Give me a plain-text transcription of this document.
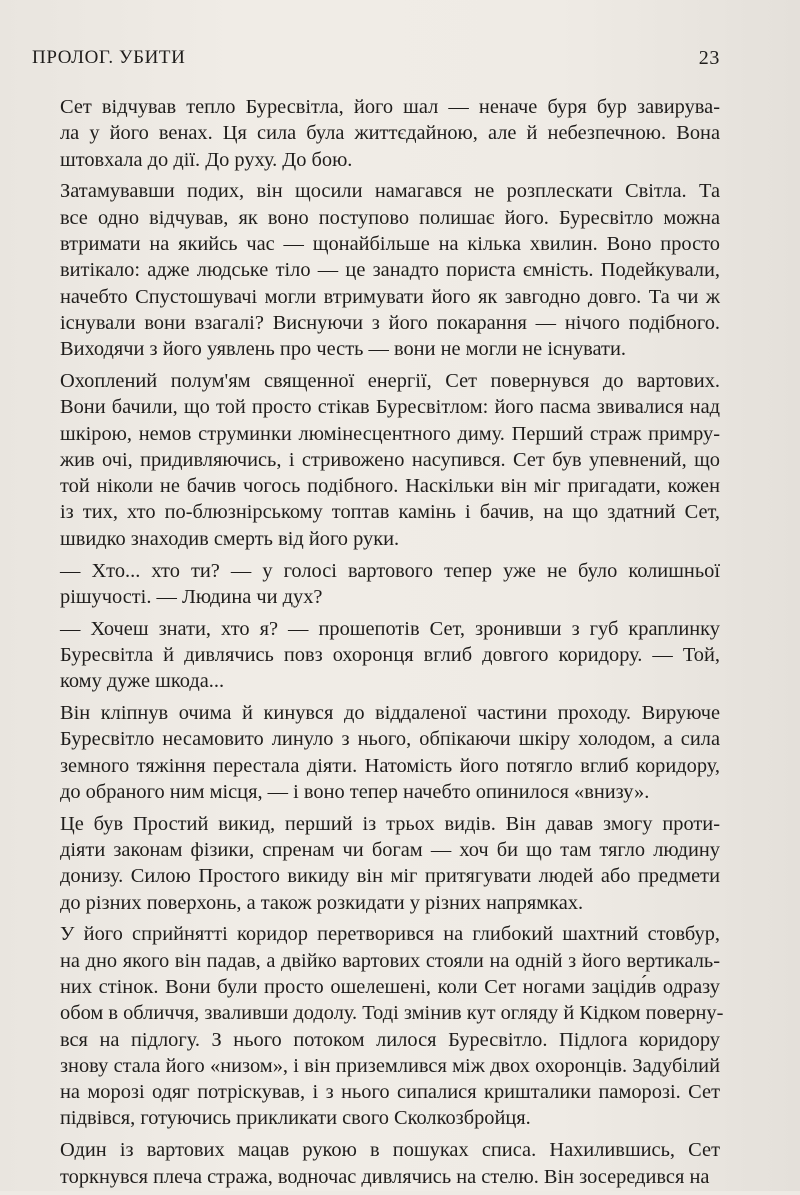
ПРОЛОГ. УБИТИ	23
Сет відчував тепло Буресвітла, його шал — неначе буря бур завирува-
ла у його венах. Ця сила була життєдайною, але й небезпечною. Вона
штовхала до дії. До руху. До бою.
Затамувавши подих, він щосили намагався не розплескати Світла. Та
все одно відчував, як воно поступово полишає його. Буресвітло можна
втримати на якийсь час — щонайбільше на кілька хвилин. Воно просто
витікало: адже людське тіло — це занадто пориста ємність. Подейкували,
начебто Спустошувачі могли втримувати його як завгодно довго. Та чи ж
існували вони взагалі? Виснуючи з його покарання — нічого подібного.
Виходячи з його уявлень про честь — вони не могли не існувати.
Охоплений полум'ям священної енергії, Сет повернувся до вартових.
Вони бачили, що той просто стікав Буресвітлом: його пасма звивалися над
шкірою, немов струминки люмінесцентного диму. Перший страж примру-
жив очі, придивляючись, і стривожено насупився. Сет був упевнений, що
той ніколи не бачив чогось подібного. Наскільки він міг пригадати, кожен
із тих, хто по-блюзнірському топтав камінь і бачив, на що здатний Сет,
швидко знаходив смерть від його руки.
— Хто... хто ти? — у голосі вартового тепер уже не було колишньої
рішучості. — Людина чи дух?
— Хочеш знати, хто я? — прошепотів Сет, зронивши з губ краплинку
Буресвітла й дивлячись повз охоронця вглиб довгого коридору. — Той,
кому дуже шкода...
Він кліпнув очима й кинувся до віддаленої частини проходу. Вируюче
Буресвітло несамовито линуло з нього, обпікаючи шкіру холодом, а сила
земного тяжіння перестала діяти. Натомість його потягло вглиб коридору,
до обраного ним місця, — і воно тепер начебто опинилося «внизу».
Це був Простий викид, перший із трьох видів. Він давав змогу проти-
діяти законам фізики, спренам чи богам — хоч би що там тягло людину
донизу. Силою Простого викиду він міг притягувати людей або предмети
до різних поверхонь, а також розкидати у різних напрямках.
У його сприйнятті коридор перетворився на глибокий шахтний стовбур,
на дно якого він падав, а двійко вартових стояли на одній з його вертикаль-
них стінок. Вони були просто ошелешені, коли Сет ногами заціди́в одразу
обом в обличчя, зваливши додолу. Тоді змінив кут огляду й Кідком поверну-
вся на підлогу. З нього потоком лилося Буресвітло. Підлога коридору
знову стала його «низом», і він приземлився між двох охоронців. Задубілий
на морозі одяг потріскував, і з нього сипалися кришталики паморозі. Сет
підвівся, готуючись прикликати свого Сколкозбройця.
Один із вартових мацав рукою в пошуках списа. Нахилившись, Сет
торкнувся плеча стража, водночас дивлячись на стелю. Він зосередився на
